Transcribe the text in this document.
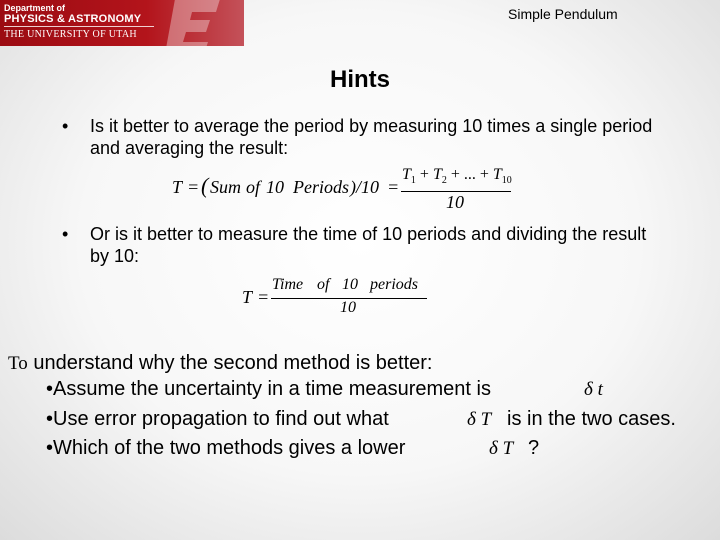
Department of
PHYSICS & ASTRONOMY
THE UNIVERSITY OF UTAH
Simple Pendulum
Hints
• Is it better to average the period by measuring 10 times a single period and averaging the result:
T = ( Sum of 10 Periods )/10 =
$T_1 + T_2$ + ... + $T_{10}$
10
• Or is it better to measure the time of 10 periods and dividing the result by 10:
T =
Time of 10 periods
10
To understand why the second method is better:
•Assume the uncertainty in a time measurement is	δ t
•Use error propagation to find out what	δ T is in the two cases.
•Which of the two methods gives a lower	δ T ?
